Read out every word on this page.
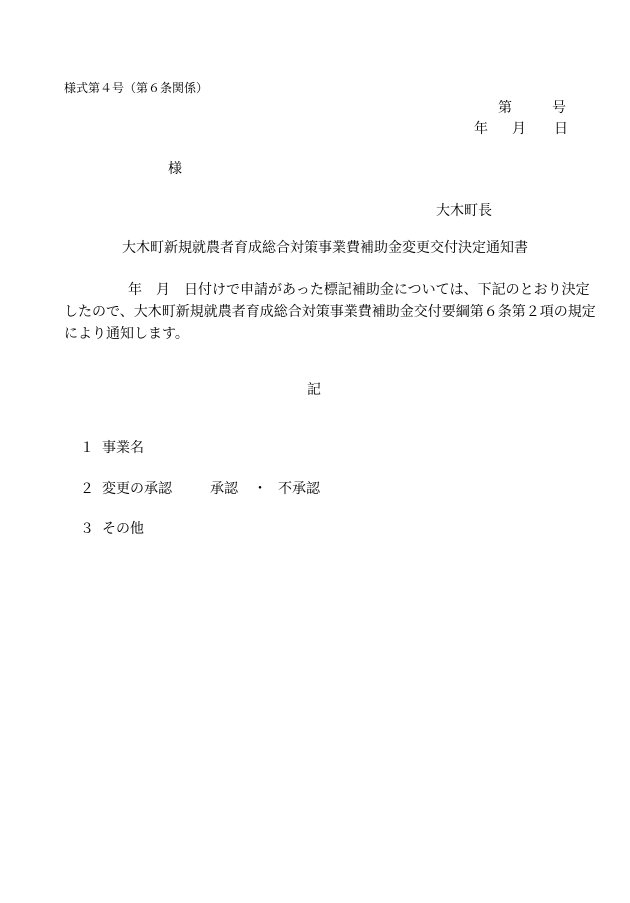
様式第４号（第６条関係）
第	号
年 月 日
様
大木町長
大木町新規就農者育成総合対策事業費補助金変更交付決定通知書
年　月　日付けで申請があった標記補助金については、下記のとおり決定
したので、大木町新規就農者育成総合対策事業費補助金交付要綱第６条第２項の規定
により通知します。
記
１ 事業名
２ 変更の承認	承認 ・ 不承認
３ その他
